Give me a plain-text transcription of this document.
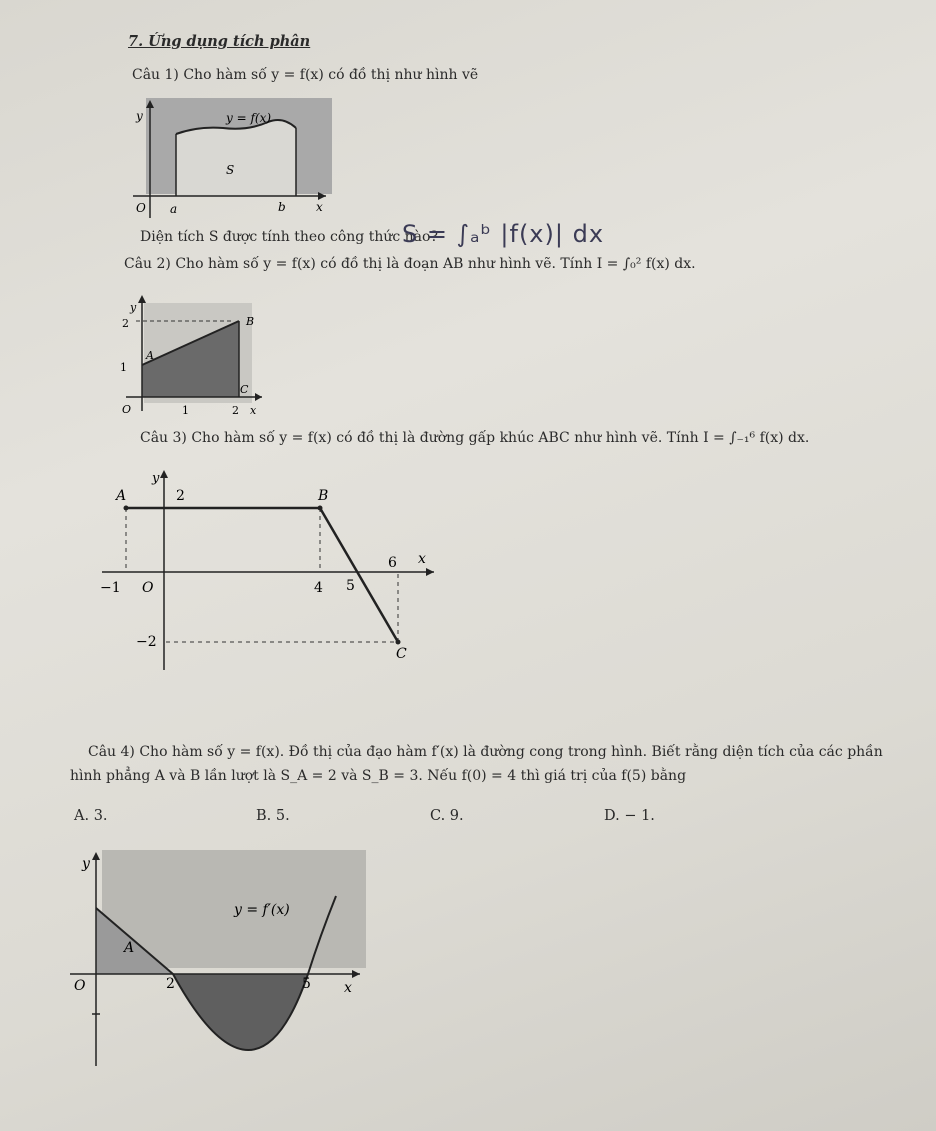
7. Ứng dụng tích phân
Câu 1) Cho hàm số y = f(x) có đồ thị như hình vẽ
y	y = f(x)
S
O a	b	x
Diện tích S được tính theo công thức nào?
S = ∫ₐᵇ |f(x)| dx
Câu 2) Cho hàm số y = f(x) có đồ thị là đoạn AB như hình vẽ. Tính I = ∫₀² f(x) dx.
y
2
1
A
B
C
O	1	2 x
Câu 3) Cho hàm số y = f(x) có đồ thị là đường gấp khúc ABC như hình vẽ. Tính I = ∫₋₁⁶ f(x) dx.
y
A	2	B
6 x
−1 O	4 5
−2
C
Câu 4) Cho hàm số y = f(x). Đồ thị của đạo hàm f′(x) là đường cong trong hình. Biết rằng diện tích của các phần
hình phẳng A và B lần lượt là S_A = 2 và S_B = 3. Nếu f(0) = 4 thì giá trị của f(5) bằng
A. 3.	B. 5.	C. 9.	D. − 1.
y
y = f′(x)
A
O	2	5 x
